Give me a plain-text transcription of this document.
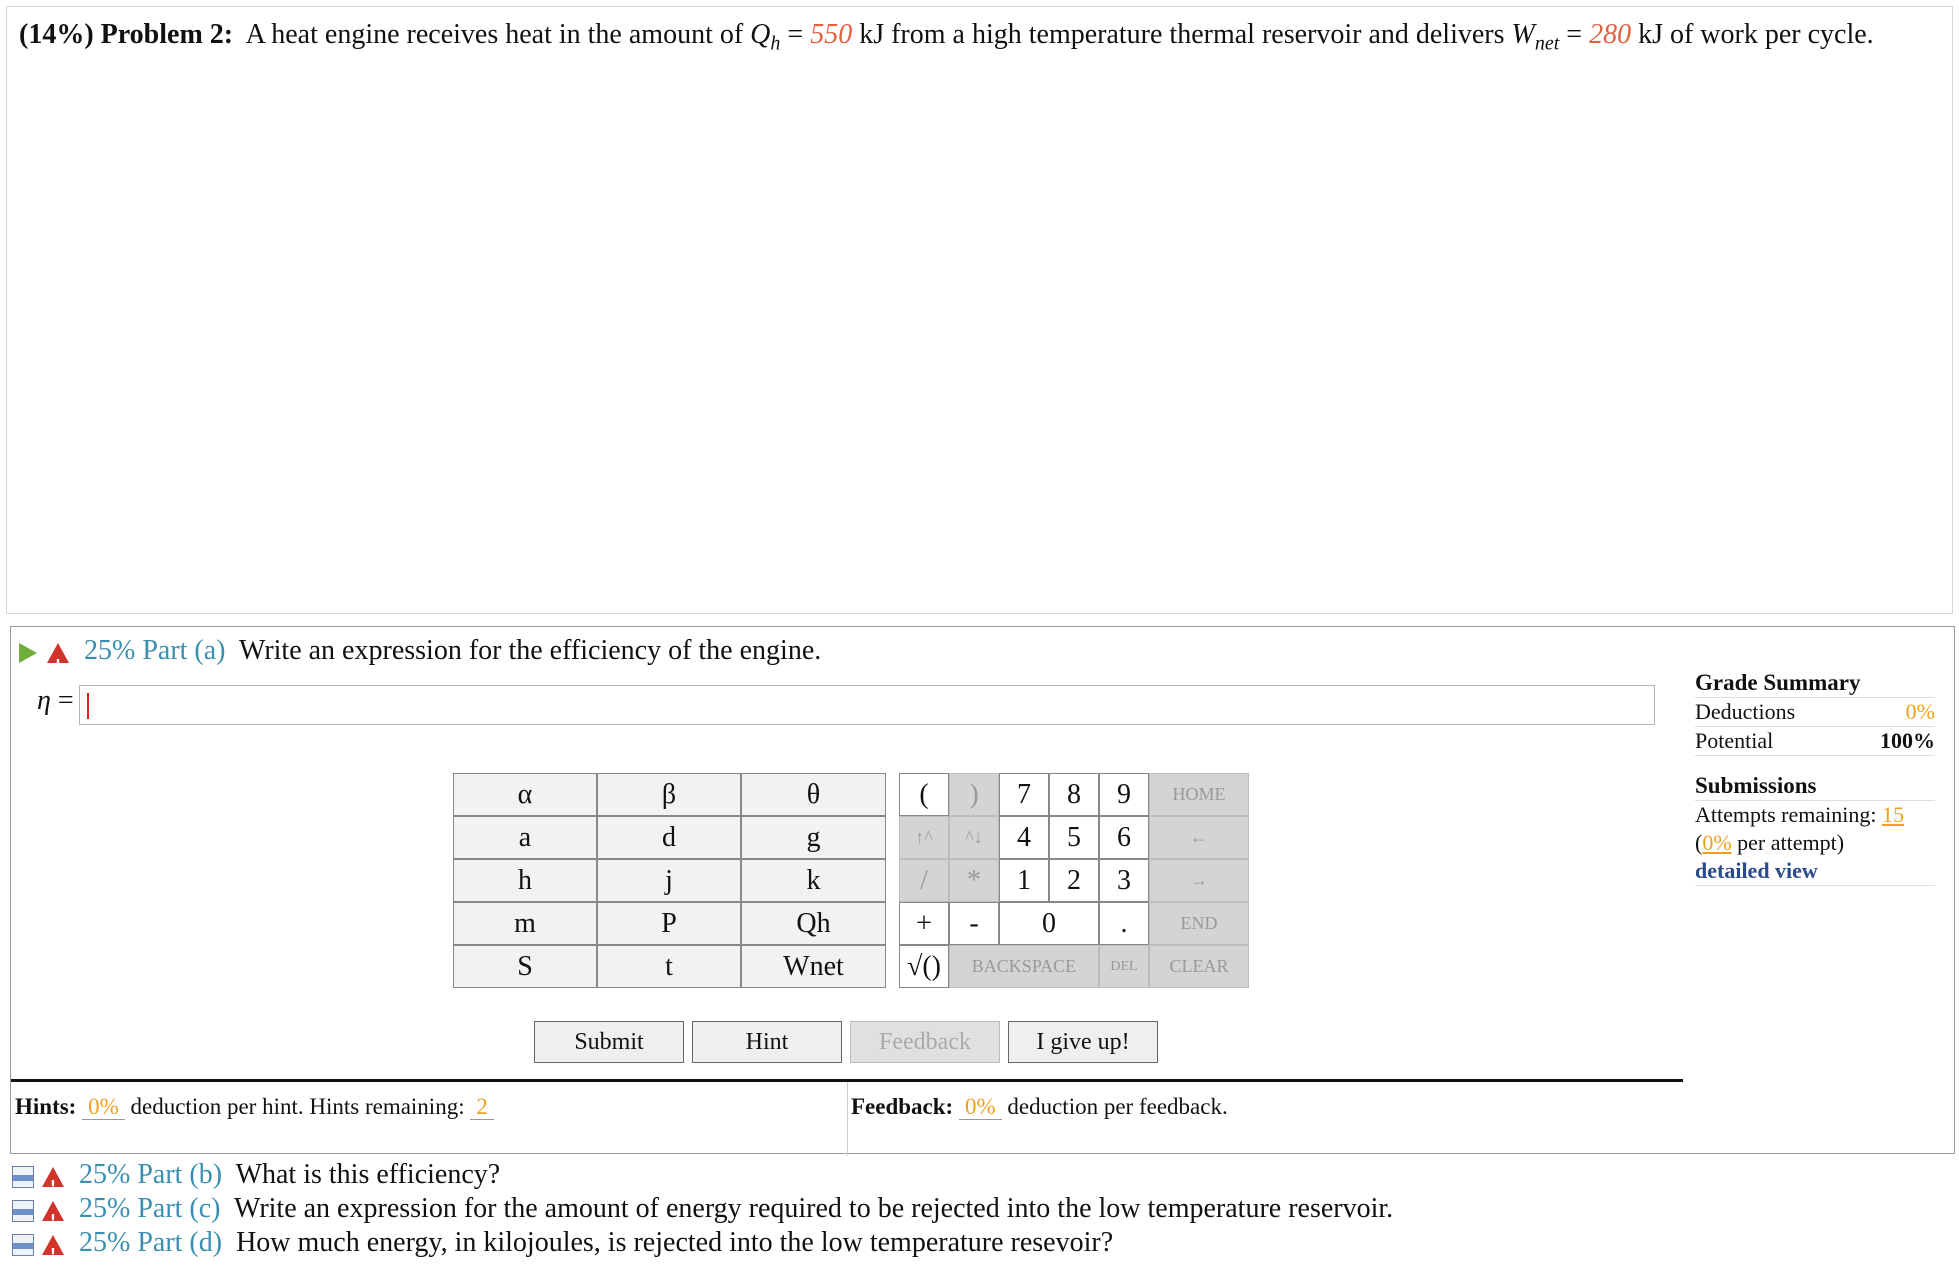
(14%) Problem 2: A heat engine receives heat in the amount of $Q_h = 550$ kJ from a high temperature thermal reservoir and delivers $W_{net} = 280$ kJ of work per cycle.
! 25% Part (a) Write an expression for the efficiency of the engine.
η =
α	β	θ
a	d	g
h	j	k
m	P	Qh
S	t	Wnet
(	)	7	8	9	HOME
↑^	^↓	4	5	6	←
/	*	1	2	3	→
+	-	0	.	END
√()	BACKSPACE	DEL	CLEAR
Submit	Hint	Feedback	I give up!
Hints: 0% deduction per hint. Hints remaining: 2	Feedback: 0% deduction per feedback.
Grade Summary
Deductions	0%
Potential	100%
Submissions
Attempts remaining: 15
(0% per attempt)
detailed view
! 25% Part (b) What is this efficiency?
! 25% Part (c) Write an expression for the amount of energy required to be rejected into the low temperature reservoir.
! 25% Part (d) How much energy, in kilojoules, is rejected into the low temperature resevoir?
